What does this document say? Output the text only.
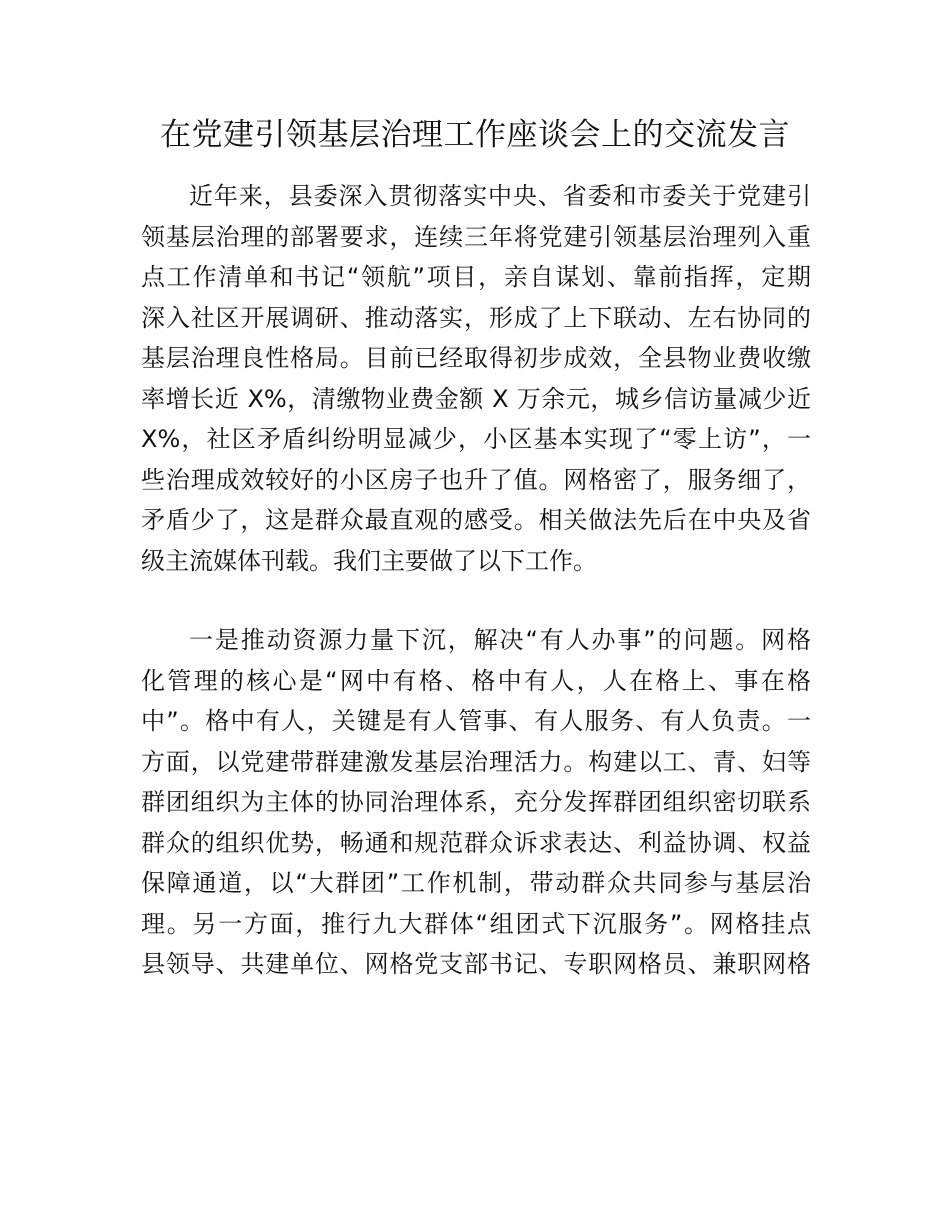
在党建引领基层治理工作座谈会上的交流发言
近年来，县委深入贯彻落实中央、省委和市委关于党建引
领基层治理的部署要求，连续三年将党建引领基层治理列入重
点工作清单和书记“领航”项目，亲自谋划、靠前指挥，定期
深入社区开展调研、推动落实，形成了上下联动、左右协同的
基层治理良性格局。目前已经取得初步成效，全县物业费收缴
率增长近 X%，清缴物业费金额 X 万余元，城乡信访量减少近
X%，社区矛盾纠纷明显减少，小区基本实现了“零上访”，一
些治理成效较好的小区房子也升了值。网格密了，服务细了，
矛盾少了，这是群众最直观的感受。相关做法先后在中央及省
级主流媒体刊载。我们主要做了以下工作。
一是推动资源力量下沉，解决“有人办事”的问题。网格
化管理的核心是“网中有格、格中有人，人在格上、事在格
中”。格中有人，关键是有人管事、有人服务、有人负责。一
方面，以党建带群建激发基层治理活力。构建以工、青、妇等
群团组织为主体的协同治理体系，充分发挥群团组织密切联系
群众的组织优势，畅通和规范群众诉求表达、利益协调、权益
保障通道，以“大群团”工作机制，带动群众共同参与基层治
理。另一方面，推行九大群体“组团式下沉服务”。网格挂点
县领导、共建单位、网格党支部书记、专职网格员、兼职网格
